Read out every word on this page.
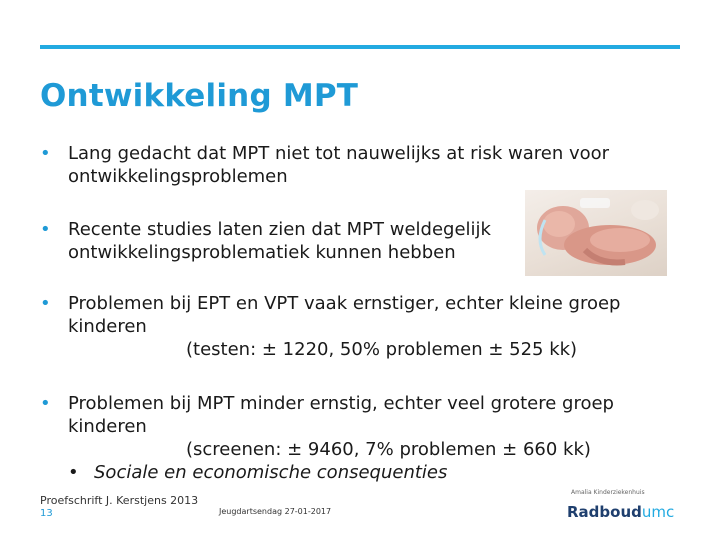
Ontwikkeling MPT
• Lang gedacht dat MPT niet tot nauwelijks at risk waren voor ontwikkelingsproblemen
• Recente studies laten zien dat MPT weldegelijk ontwikkelingsproblematiek kunnen hebben
• Problemen bij EPT en VPT vaak ernstiger, echter kleine groep kinderen
(testen: ± 1220, 50% problemen ± 525 kk)
• Problemen bij MPT minder ernstig, echter veel grotere groep kinderen
(screenen: ± 9460, 7% problemen ± 660 kk)
• Sociale en economische consequenties
Proefschrift J. Kerstjens 2013
13	Jeugdartsendag 27-01-2017
Amalia Kinderziekenhuis
Radboudumc
